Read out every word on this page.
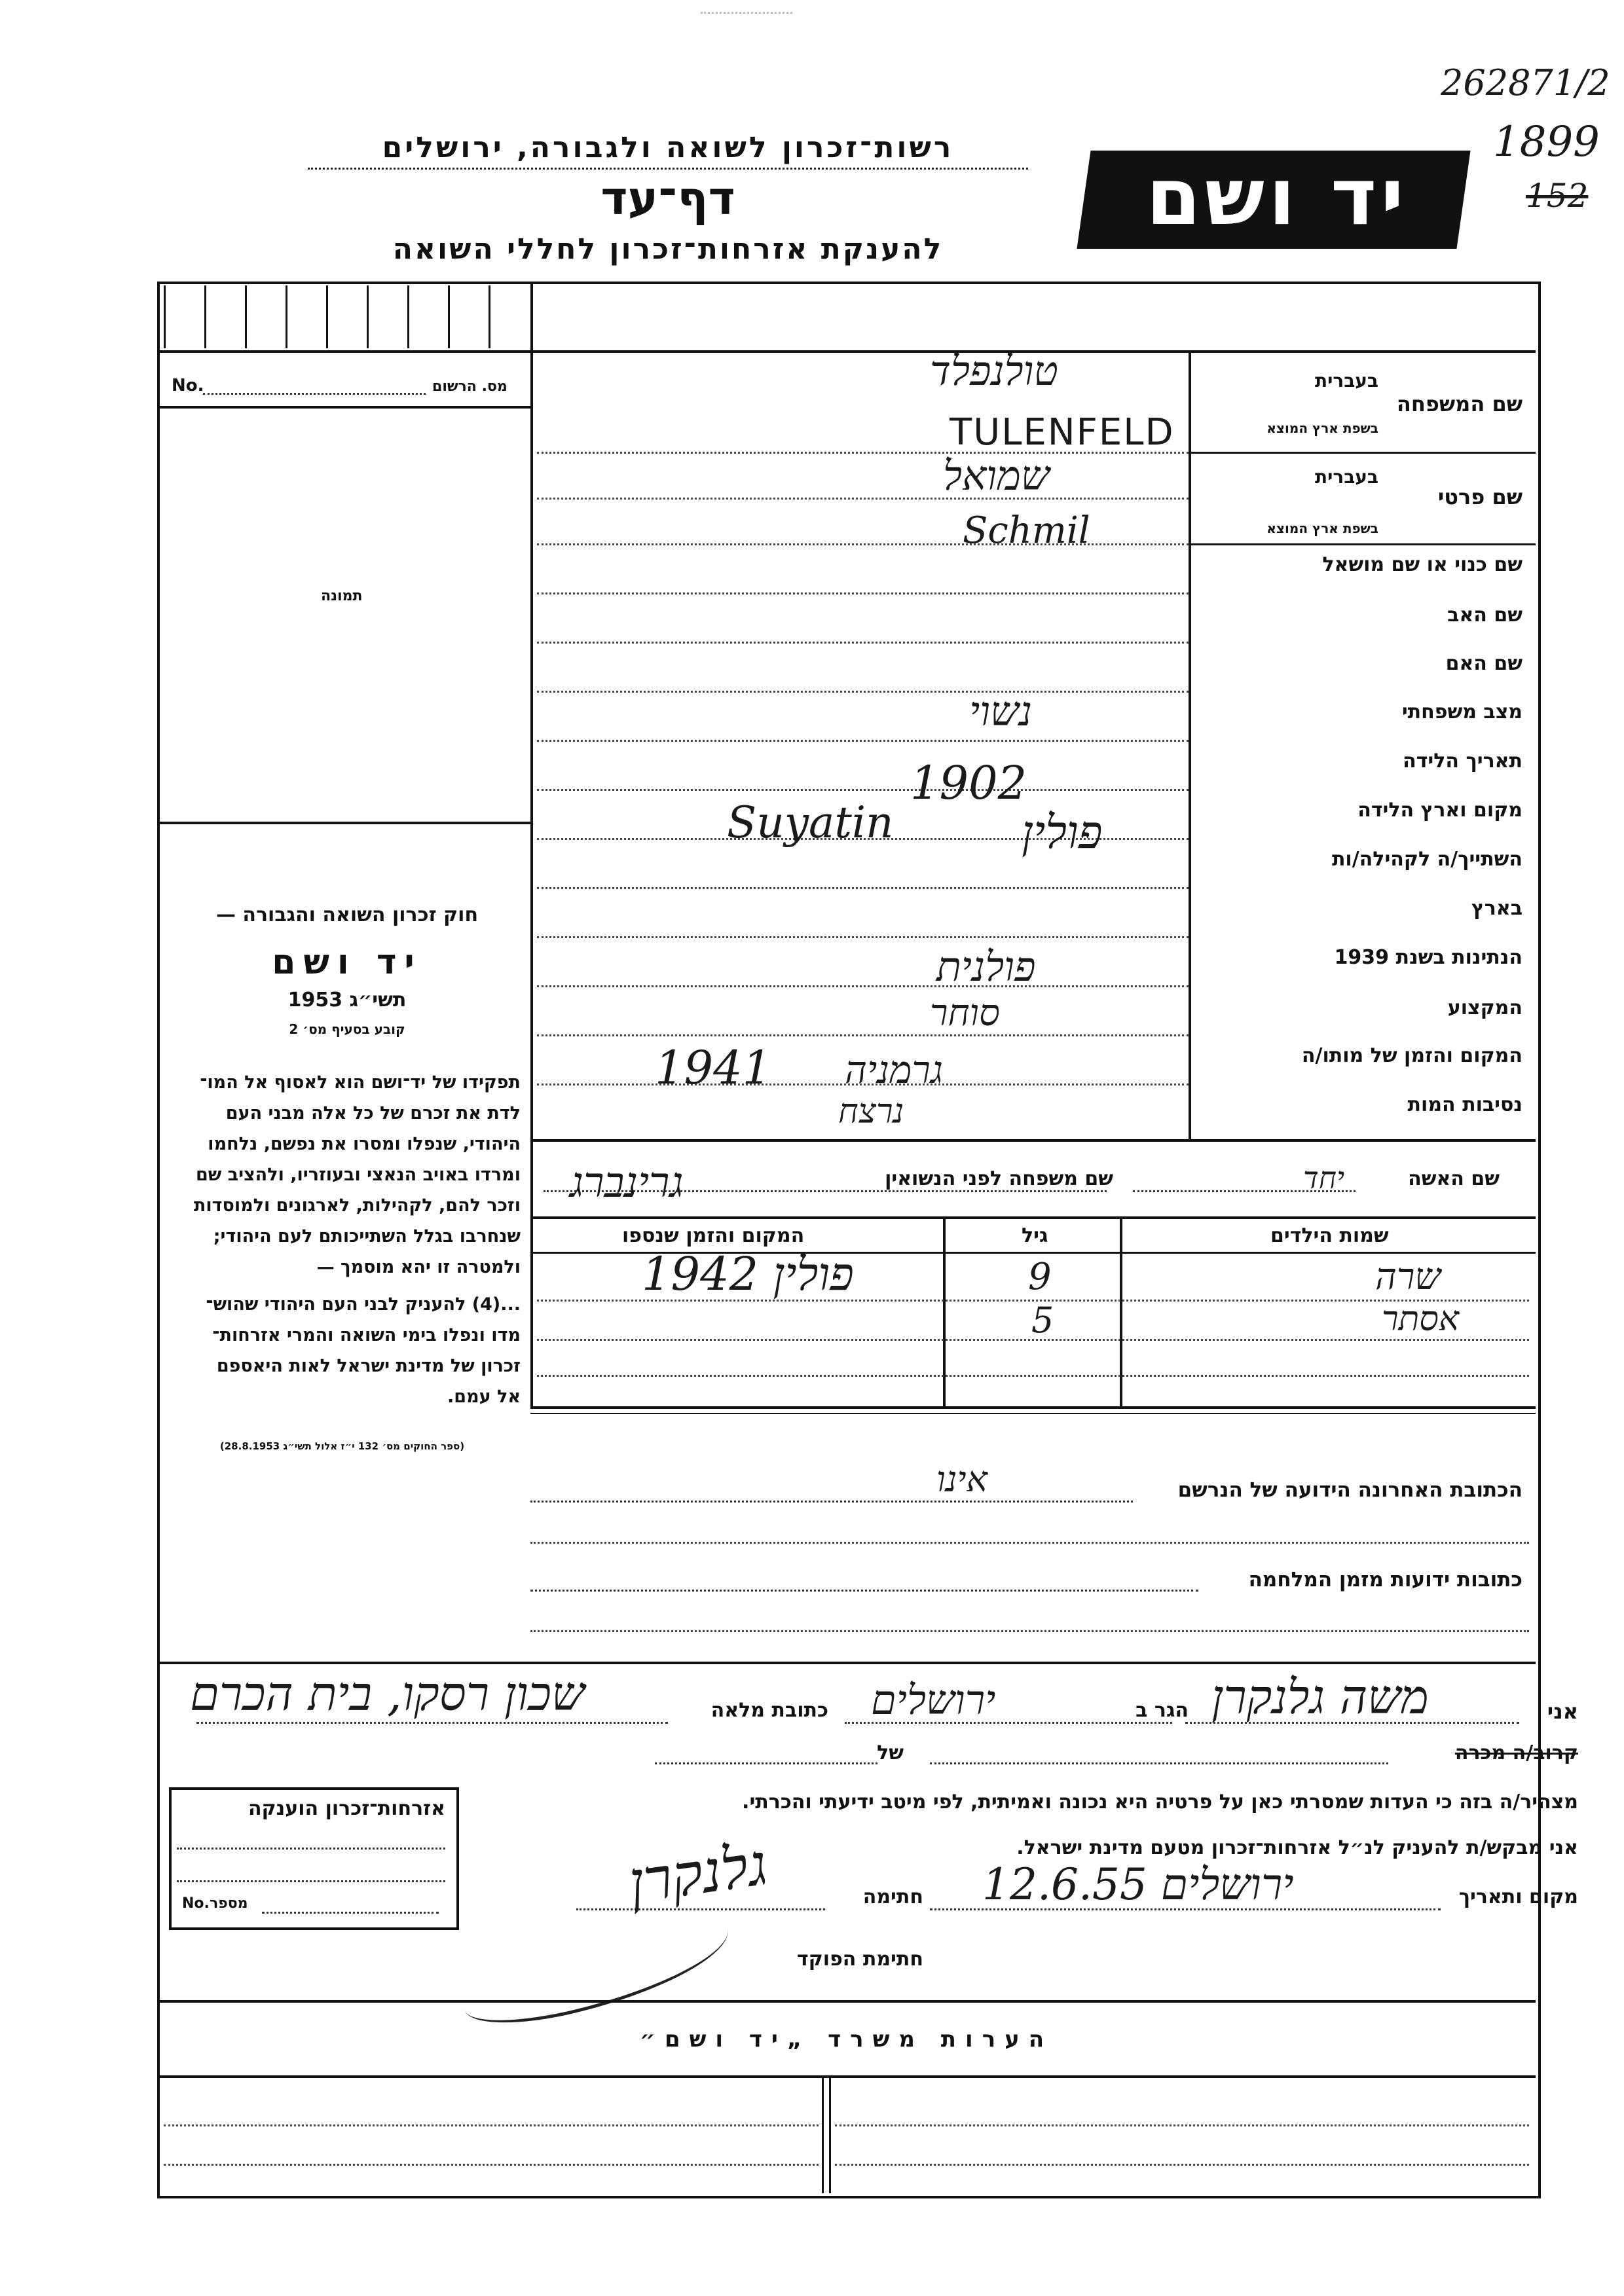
262871/2
1899
152
יד ושם
רשות־זכרון לשואה ולגבורה, ירושלים
דף־עד
להענקת אזרחות־זכרון לחללי השואה
No.	מס. הרשום
תמונה
חוק זכרון השואה והגבורה —
יד ושם
תשי״ג 1953
קובע בסעיף מס׳ 2
תפקידו של יד־ושם הוא לאסוף אל המו־
לדת את זכרם של כל אלה מבני העם
היהודי, שנפלו ומסרו את נפשם, נלחמו
ומרדו באויב הנאצי ובעוזריו, ולהציב שם
וזכר להם, לקהילות, לארגונים ולמוסדות
שנחרבו בגלל השתייכותם לעם היהודי;
ולמטרה זו יהא מוסמך —
...(4) להעניק לבני העם היהודי שהוש־
מדו ונפלו בימי השואה והמרי אזרחות־
זכרון של מדינת ישראל לאות היאספם
אל עמם.
(ספר החוקים מס׳ 132 י״ז אלול תשי״ג 28.8.1953)
שם המשפחה
בעברית
בשפת ארץ המוצא
שם פרטי
בעברית
בשפת ארץ המוצא
שם כנוי או שם מושאל
שם האב
שם האם
מצב משפחתי
תאריך הלידה
מקום וארץ הלידה
השתייך/ה לקהילה/ות
בארץ
הנתינות בשנת 1939
המקצוע
המקום והזמן של מותו/ה
נסיבות המות
טולנפלד
TULENFELD
שמואל
Schmil
נשוי
1902
Suyatin	פולין
פולנית
סוחר
1941 גרמניה
נרצח
שם האשה
יחד
שם משפחה לפני הנשואין
גרינברג
שמות הילדים
גיל
המקום והזמן שנספו
שרה
9
1942 פולין
אסתר
5
הכתובת האחרונה הידועה של הנרשם
אינו
כתובות ידועות מזמן המלחמה
אני
משה גלנקרן
הגר ב
ירושלים
כתובת מלאה
שכון רסקו, בית הכרם
קרוב/ה מכרה
של
מצהיר/ה בזה כי העדות שמסרתי כאן על פרטיה היא נכונה ואמיתית, לפי מיטב ידיעתי והכרתי.
אני מבקש/ת להעניק לנ״ל אזרחות־זכרון מטעם מדינת ישראל.
מקום ותאריך
ירושלים 12.6.55
חתימה
גלנקרן
חתימת הפוקד
אזרחות־זכרון הוענקה
No. מספר
הערות משרד „יד ושם״
